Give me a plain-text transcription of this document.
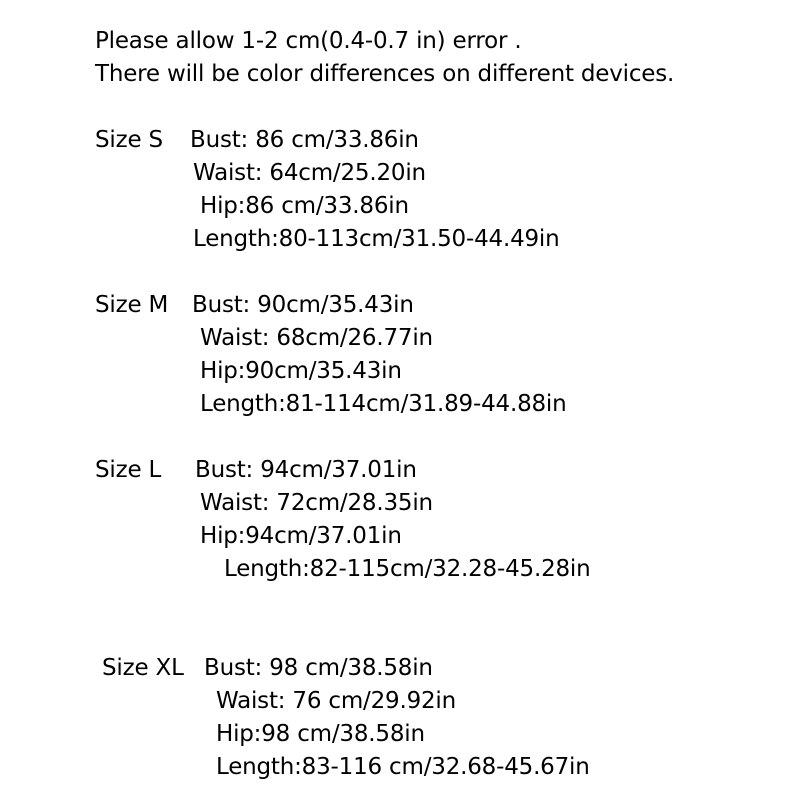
Please allow 1-2 cm(0.4-0.7 in) error .
There will be color differences on different devices.
Size S Bust: 86 cm/33.86in
Waist: 64cm/25.20in
Hip:86 cm/33.86in
Length:80-113cm/31.50-44.49in
Size M Bust: 90cm/35.43in
Waist: 68cm/26.77in
Hip:90cm/35.43in
Length:81-114cm/31.89-44.88in
Size L Bust: 94cm/37.01in
Waist: 72cm/28.35in
Hip:94cm/37.01in
Length:82-115cm/32.28-45.28in
Size XL Bust: 98 cm/38.58in
Waist: 76 cm/29.92in
Hip:98 cm/38.58in
Length:83-116 cm/32.68-45.67in
